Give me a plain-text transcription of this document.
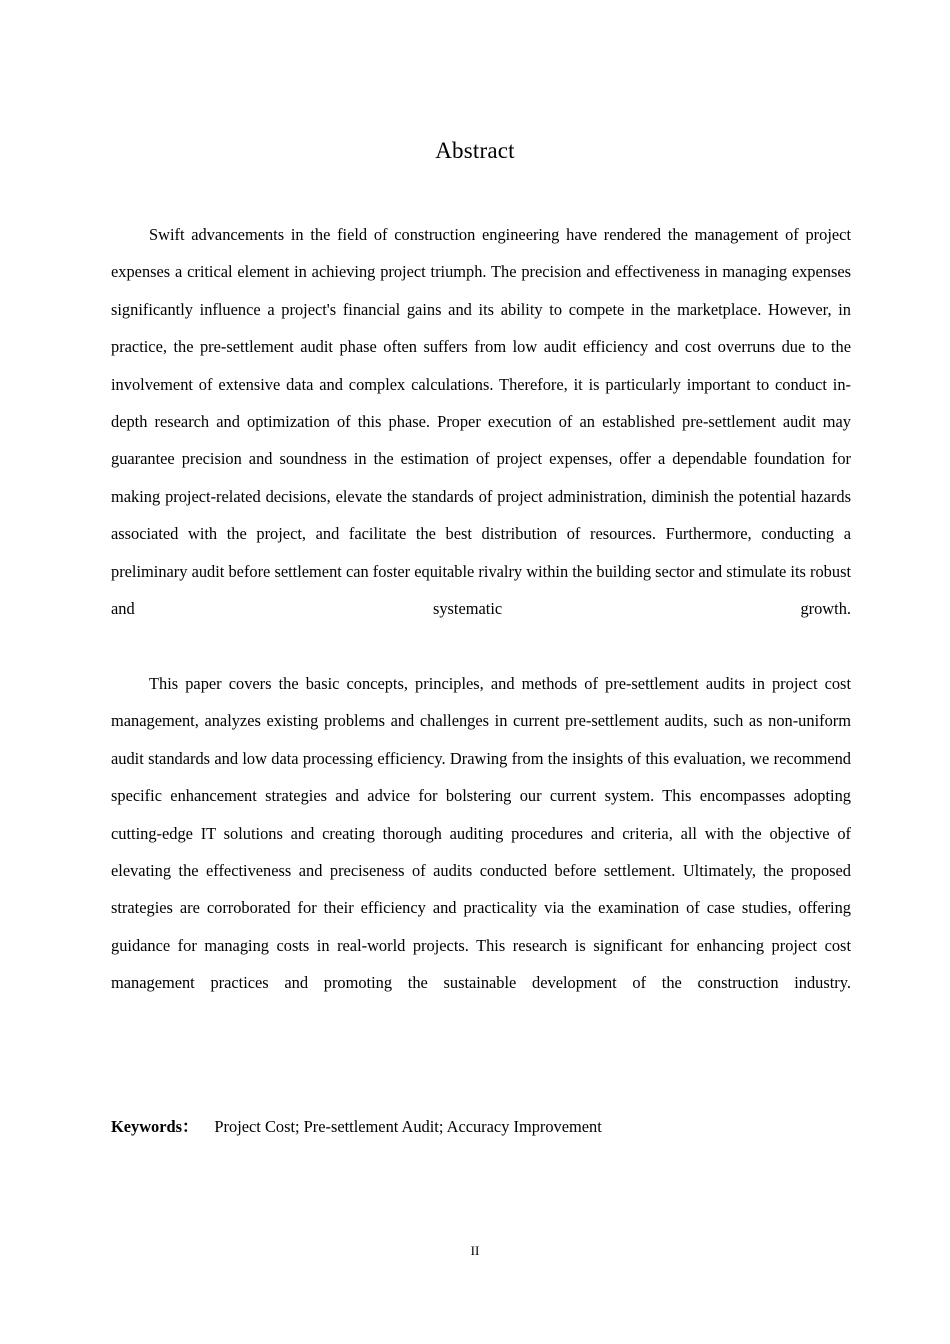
Abstract

Swift advancements in the field of construction engineering have rendered the management of project expenses a critical element in achieving project triumph. The precision and effectiveness in managing expenses significantly influence a project's financial gains and its ability to compete in the marketplace. However, in practice, the pre-settlement audit phase often suffers from low audit efficiency and cost overruns due to the involvement of extensive data and complex calculations. Therefore, it is particularly important to conduct in-depth research and optimization of this phase. Proper execution of an established pre-settlement audit may guarantee precision and soundness in the estimation of project expenses, offer a dependable foundation for making project-related decisions, elevate the standards of project administration, diminish the potential hazards associated with the project, and facilitate the best distribution of resources. Furthermore, conducting a preliminary audit before settlement can foster equitable rivalry within the building sector and stimulate its robust and systematic growth.

This paper covers the basic concepts, principles, and methods of pre-settlement audits in project cost management, analyzes existing problems and challenges in current pre-settlement audits, such as non-uniform audit standards and low data processing efficiency. Drawing from the insights of this evaluation, we recommend specific enhancement strategies and advice for bolstering our current system. This encompasses adopting cutting-edge IT solutions and creating thorough auditing procedures and criteria, all with the objective of elevating the effectiveness and preciseness of audits conducted before settlement. Ultimately, the proposed strategies are corroborated for their efficiency and practicality via the examination of case studies, offering guidance for managing costs in real-world projects. This research is significant for enhancing project cost management practices and promoting the sustainable development of the construction industry.

Keywords： Project Cost; Pre-settlement Audit; Accuracy Improvement
II
